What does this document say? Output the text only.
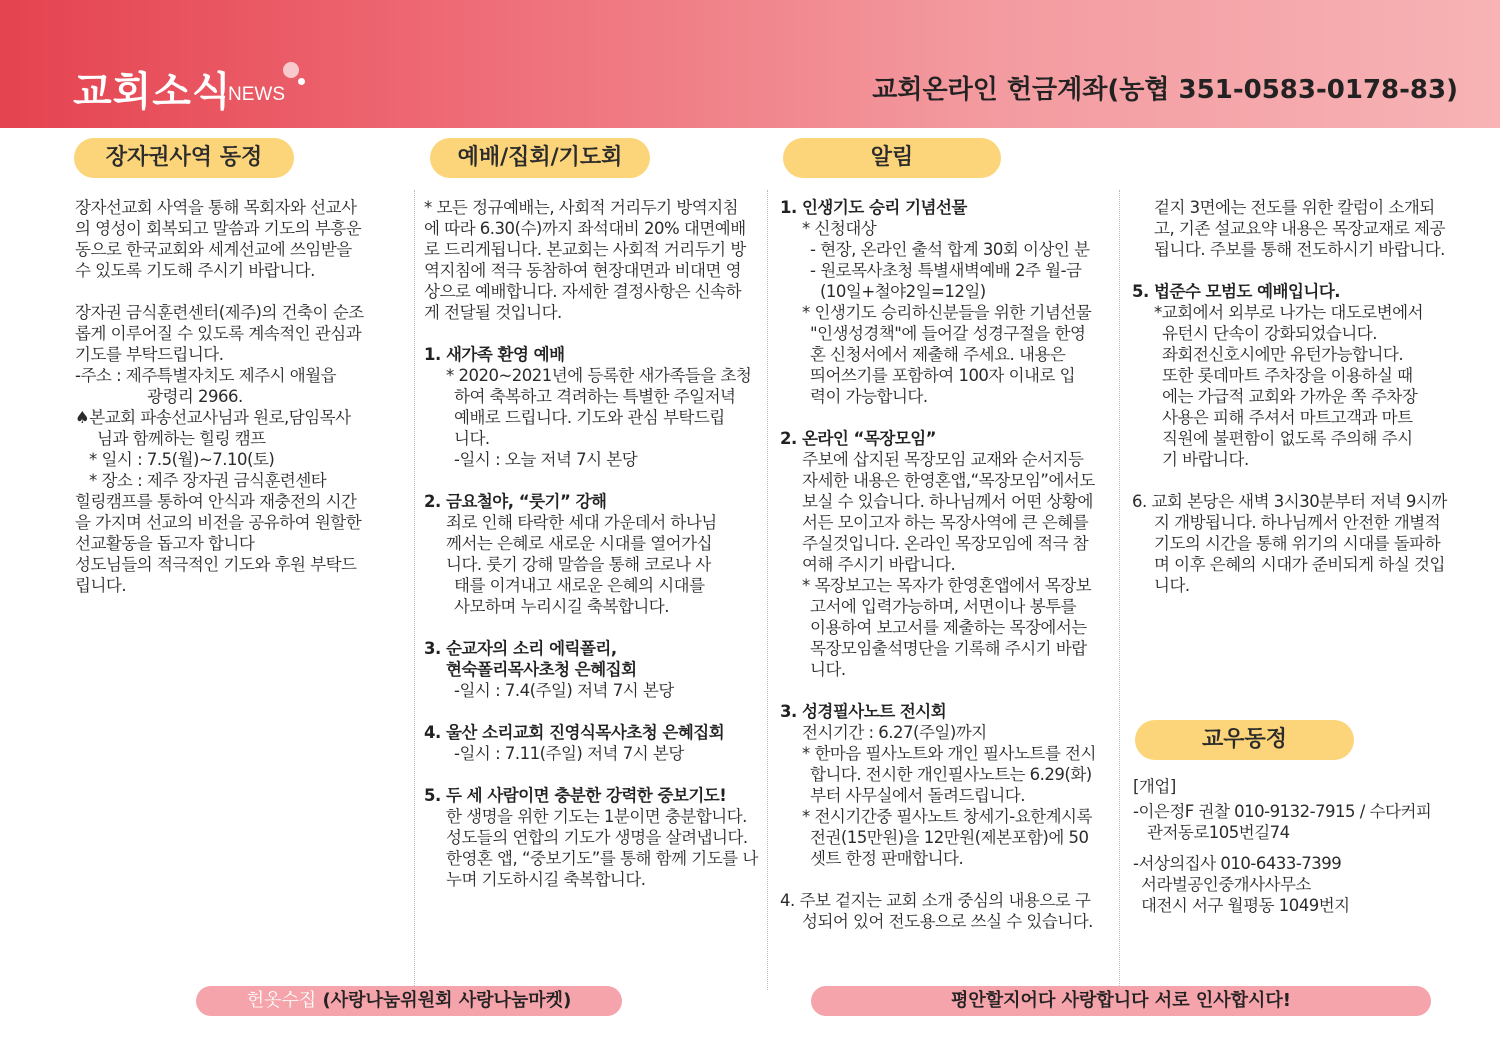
교회소식
NEWS	교회온라인 헌금계좌(농협 351-0583-0178-83)
장자권사역 동정	예배/집회/기도회	알림

장자선교회 사역을 통해 목회자와 선교사

의 영성이 회복되고 말씀과 기도의 부흥운

동으로 한국교회와 세계선교에 쓰임받을

수 있도록 기도해 주시기 바랍니다.

장자권 금식훈련센터(제주)의 건축이 순조

롭게 이루어질 수 있도록 계속적인 관심과

기도를 부탁드립니다.

-주소 : 제주특별자치도 제주시 애월읍

광령리 2966.

♠본교회 파송선교사님과 원로,담임목사

님과 함께하는 힐링 캠프

* 일시 : 7.5(월)~7.10(토)

* 장소 : 제주 장자권 금식훈련센타

힐링캠프를 통하여 안식과 재충전의 시간

을 가지며 선교의 비전을 공유하여 원할한

선교활동을 돕고자 합니다

성도님들의 적극적인 기도와 후원 부탁드

립니다.

* 모든 정규예배는, 사회적 거리두기 방역지침

에 따라 6.30(수)까지 좌석대비 20% 대면예배

로 드리게됩니다. 본교회는 사회적 거리두기 방

역지침에 적극 동참하여 현장대면과 비대면 영

상으로 예배합니다. 자세한 결정사항은 신속하

게 전달될 것입니다.

1. 새가족 환영 예배

* 2020~2021년에 등록한 새가족들을 초청

하여 축복하고 격려하는 특별한 주일저녁

예배로 드립니다. 기도와 관심 부탁드립

니다.

-일시 : 오늘 저녁 7시 본당

2. 금요철야, “룻기” 강해

죄로 인해 타락한 세대 가운데서 하나님

께서는 은혜로 새로운 시대를 열어가십

니다. 룻기 강해 말씀을 통해 코로나 사

태를 이겨내고 새로운 은혜의 시대를

사모하며 누리시길 축복합니다.

3. 순교자의 소리 에릭폴리,

현숙폴리목사초청 은혜집회

-일시 : 7.4(주일) 저녁 7시 본당

4. 울산 소리교회 진영식목사초청 은혜집회

-일시 : 7.11(주일) 저녁 7시 본당

5. 두 세 사람이면 충분한 강력한 중보기도!

한 생명을 위한 기도는 1분이면 충분합니다.

성도들의 연합의 기도가 생명을 살려냅니다.

한영혼 앱, “중보기도”를 통해 함께 기도를 나

누며 기도하시길 축복합니다.

1. 인생기도 승리 기념선물

* 신청대상

- 현장, 온라인 출석 합계 30회 이상인 분

- 원로목사초청 특별새벽예배 2주 월-금

(10일+철야2일=12일)

* 인생기도 승리하신분들을 위한 기념선물

"인생성경책"에 들어갈 성경구절을 한영

혼 신청서에서 제출해 주세요. 내용은

띄어쓰기를 포함하여 100자 이내로 입

력이 가능합니다.

2. 온라인 “목장모임”

주보에 삽지된 목장모임 교재와 순서지등

자세한 내용은 한영혼앱,“목장모임”에서도

보실 수 있습니다. 하나님께서 어떤 상황에

서든 모이고자 하는 목장사역에 큰 은혜를

주실것입니다. 온라인 목장모임에 적극 참

여해 주시기 바랍니다.

* 목장보고는 목자가 한영혼앱에서 목장보

고서에 입력가능하며, 서면이나 봉투를

이용하여 보고서를 제출하는 목장에서는

목장모임출석명단을 기록해 주시기 바랍

니다.

3. 성경필사노트 전시회

전시기간 : 6.27(주일)까지

* 한마음 필사노트와 개인 필사노트를 전시

합니다. 전시한 개인필사노트는 6.29(화)

부터 사무실에서 돌려드립니다.

* 전시기간중 필사노트 창세기-요한계시록

전권(15만원)을 12만원(제본포함)에 50

셋트 한정 판매합니다.

4. 주보 겉지는 교회 소개 중심의 내용으로 구

성되어 있어 전도용으로 쓰실 수 있습니다.

겉지 3면에는 전도를 위한 칼럼이 소개되

고, 기존 설교요약 내용은 목장교재로 제공

됩니다. 주보를 통해 전도하시기 바랍니다.

5. 법준수 모범도 예배입니다.

*교회에서 외부로 나가는 대도로변에서

유턴시 단속이 강화되었습니다.

좌회전신호시에만 유턴가능합니다.

또한 롯데마트 주차장을 이용하실 때

에는 가급적 교회와 가까운 쪽 주차장

사용은 피해 주셔서 마트고객과 마트

직원에 불편함이 없도록 주의해 주시

기 바랍니다.

6. 교회 본당은 새벽 3시30분부터 저녁 9시까

지 개방됩니다. 하나님께서 안전한 개별적

기도의 시간을 통해 위기의 시대를 돌파하

며 이후 은혜의 시대가 준비되게 하실 것입

니다.

교우동정

[개업]

-이은정F 권찰 010-9132-7915 / 수다커피

관저동로105번길74

-서상의집사 010-6433-7399

서라벌공인중개사사무소

대전시 서구 월평동 1049번지

헌옷수집 (사랑나눔위원회 사랑나눔마켓)	평안할지어다 사랑합니다 서로 인사합시다!
